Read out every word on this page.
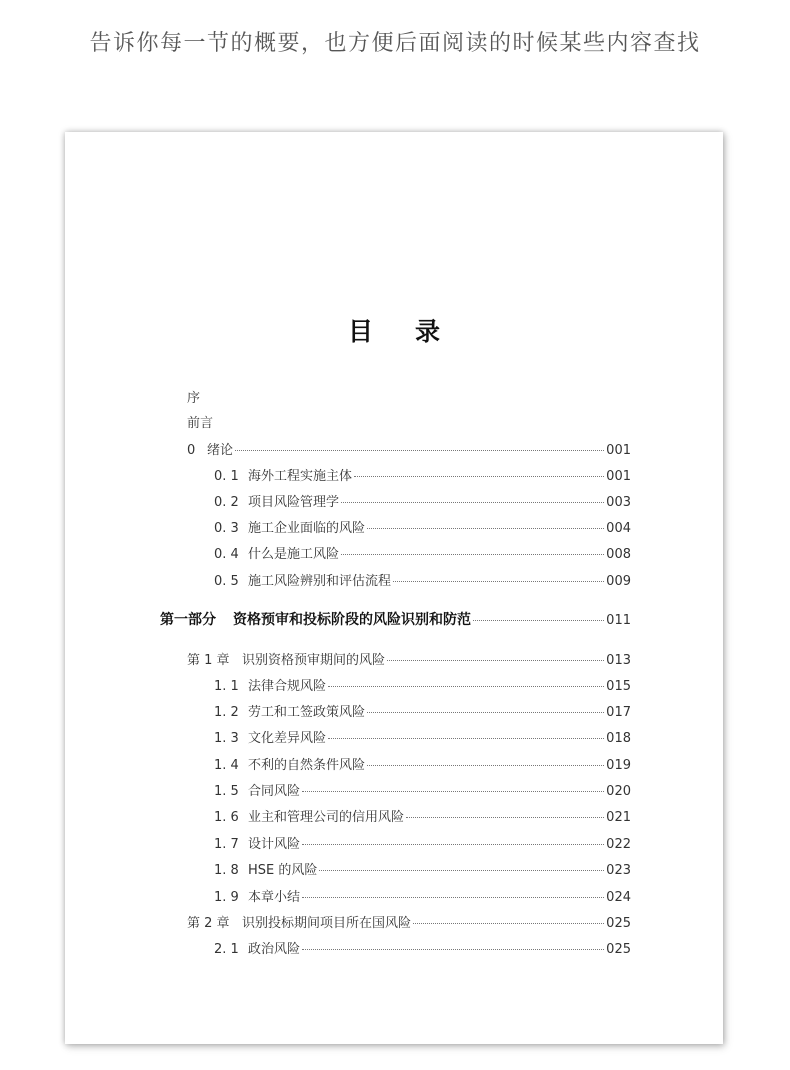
告诉你每一节的概要，也方便后面阅读的时候某些内容查找
目录
序
前言
0 绪论	001
0. 1 海外工程实施主体	001
0. 2 项目风险管理学	003
0. 3 施工企业面临的风险	004
0. 4 什么是施工风险	008
0. 5 施工风险辨别和评估流程	009
第一部分	资格预审和投标阶段的风险识别和防范	011
第 1 章 识别资格预审期间的风险	013
1. 1 法律合规风险	015
1. 2 劳工和工签政策风险	017
1. 3 文化差异风险	018
1. 4 不利的自然条件风险	019
1. 5 合同风险	020
1. 6 业主和管理公司的信用风险	021
1. 7 设计风险	022
1. 8 HSE 的风险	023
1. 9 本章小结	024
第 2 章 识别投标期间项目所在国风险	025
2. 1 政治风险	025
